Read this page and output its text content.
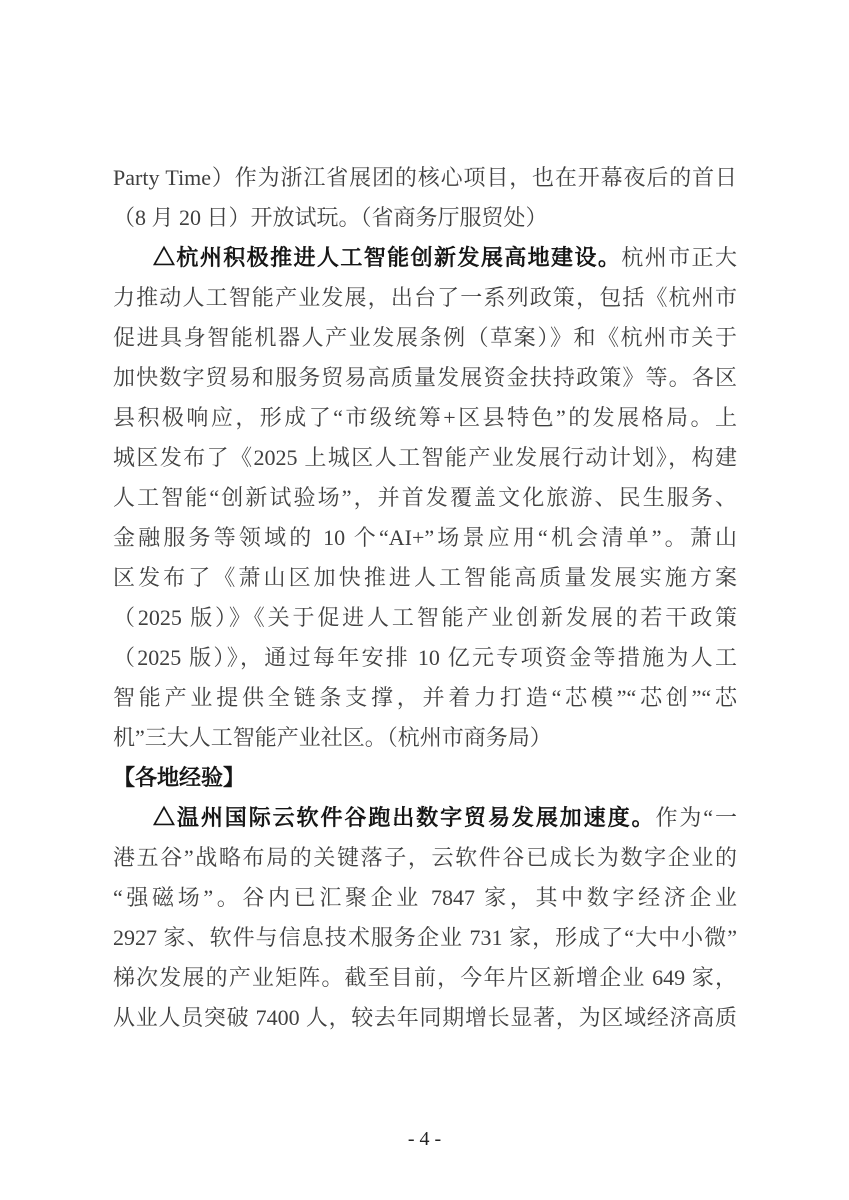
Party Time）作为浙江省展团的核心项目，也在开幕夜后的首日
（8 月 20 日）开放试玩。（省商务厅服贸处）
△杭州积极推进人工智能创新发展高地建设。杭州市正大
力推动人工智能产业发展，出台了一系列政策，包括《杭州市
促进具身智能机器人产业发展条例（草案）》和《杭州市关于
加快数字贸易和服务贸易高质量发展资金扶持政策》等。各区
县积极响应，形成了“市级统筹+区县特色”的发展格局。上
城区发布了《2025 上城区人工智能产业发展行动计划》，构建
人工智能“创新试验场”，并首发覆盖文化旅游、民生服务、
金融服务等领域的 10 个“AI+”场景应用“机会清单”。萧山
区发布了《萧山区加快推进人工智能高质量发展实施方案
（2025 版）》《关于促进人工智能产业创新发展的若干政策
（2025 版）》，通过每年安排 10 亿元专项资金等措施为人工
智能产业提供全链条支撑，并着力打造“芯模”“芯创”“芯
机”三大人工智能产业社区。（杭州市商务局）
【各地经验】
△温州国际云软件谷跑出数字贸易发展加速度。作为“一
港五谷”战略布局的关键落子，云软件谷已成长为数字企业的
“强磁场”。谷内已汇聚企业 7847 家，其中数字经济企业
2927 家、软件与信息技术服务企业 731 家，形成了“大中小微”
梯次发展的产业矩阵。截至目前，今年片区新增企业 649 家，
从业人员突破 7400 人，较去年同期增长显著，为区域经济高质
- 4 -
